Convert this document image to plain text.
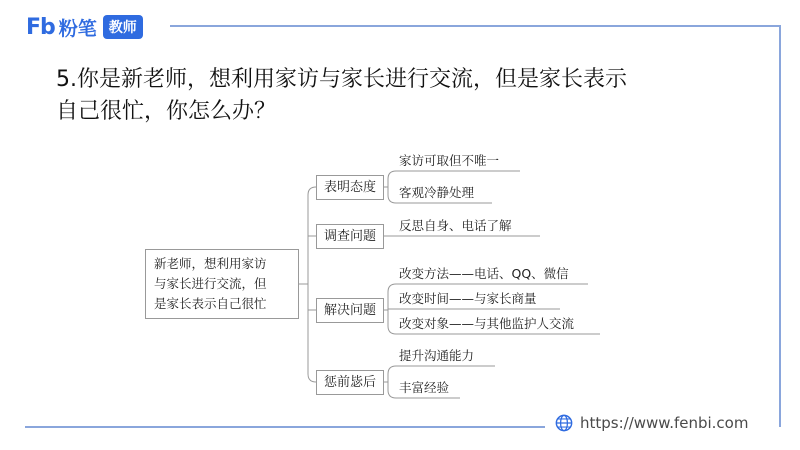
Fb 粉笔 教师
5.你是新老师，想利用家访与家长进行交流，但是家长表示
自己很忙，你怎么办？
新老师，想利用家访
与家长进行交流，但
是家长表示自己很忙
表明态度
调查问题
解决问题
惩前毖后
家访可取但不唯一
客观冷静处理
反思自身、电话了解
改变方法——电话、QQ、微信
改变时间——与家长商量
改变对象——与其他监护人交流
提升沟通能力
丰富经验
https://www.fenbi.com
